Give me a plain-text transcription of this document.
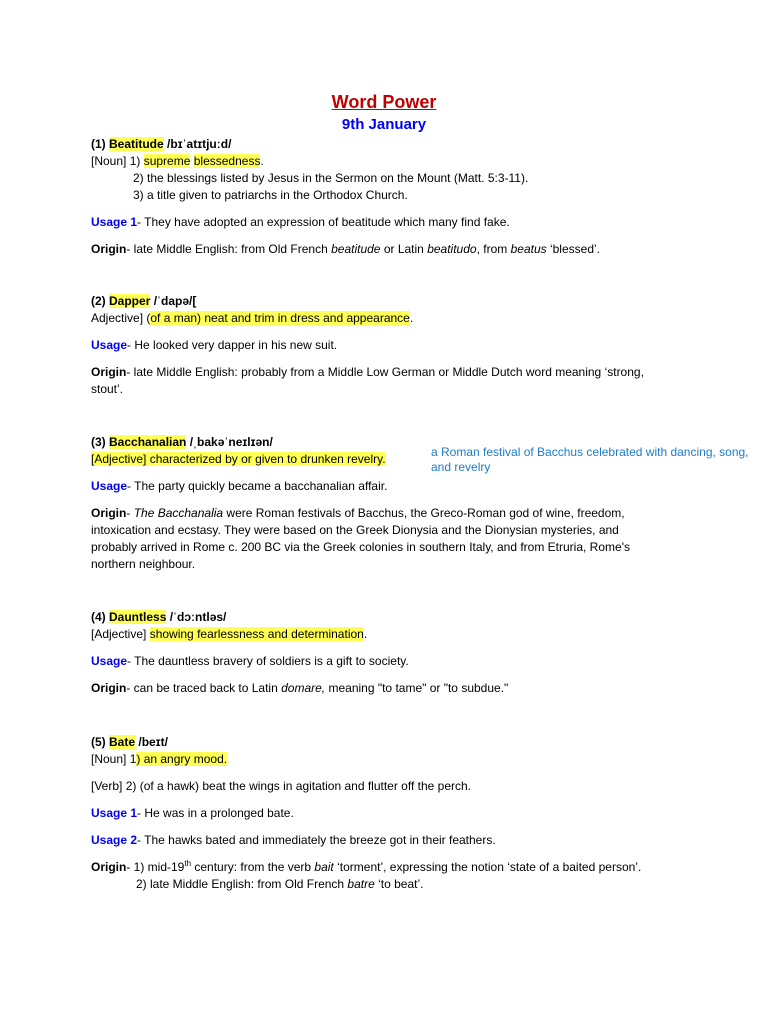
Word Power
9th January
(1) Beatitude /bɪˈatɪtjuːd/
[Noun] 1) supreme blessedness.
2) the blessings listed by Jesus in the Sermon on the Mount (Matt. 5:3-11).
3) a title given to patriarchs in the Orthodox Church.
Usage 1- They have adopted an expression of beatitude which many find fake.
Origin- late Middle English: from Old French beatitude or Latin beatitudo, from beatus ‘blessed’.
(2) Dapper /ˈdapə/[
Adjective] (of a man) neat and trim in dress and appearance.
Usage- He looked very dapper in his new suit.
Origin- late Middle English: probably from a Middle Low German or Middle Dutch word meaning ‘strong,
stout’.
(3) Bacchanalian /ˌbakəˈneɪlɪən/
[Adjective] characterized by or given to drunken revelry.
Usage- The party quickly became a bacchanalian affair.
Origin- The Bacchanalia were Roman festivals of Bacchus, the Greco-Roman god of wine, freedom,
intoxication and ecstasy. They were based on the Greek Dionysia and the Dionysian mysteries, and
probably arrived in Rome c. 200 BC via the Greek colonies in southern Italy, and from Etruria, Rome's
northern neighbour.
a Roman festival of Bacchus celebrated with dancing, song, and revelry
(4) Dauntless /ˈdɔːntləs/
[Adjective] showing fearlessness and determination.
Usage- The dauntless bravery of soldiers is a gift to society.
Origin- can be traced back to Latin domare, meaning "to tame" or "to subdue."
(5) Bate /beɪt/
[Noun] 1) an angry mood.
[Verb] 2) (of a hawk) beat the wings in agitation and flutter off the perch.
Usage 1- He was in a prolonged bate.
Usage 2- The hawks bated and immediately the breeze got in their feathers.
Origin- 1) mid-19th century: from the verb bait ‘torment’, expressing the notion ‘state of a baited person’.
2) late Middle English: from Old French batre ‘to beat’.
